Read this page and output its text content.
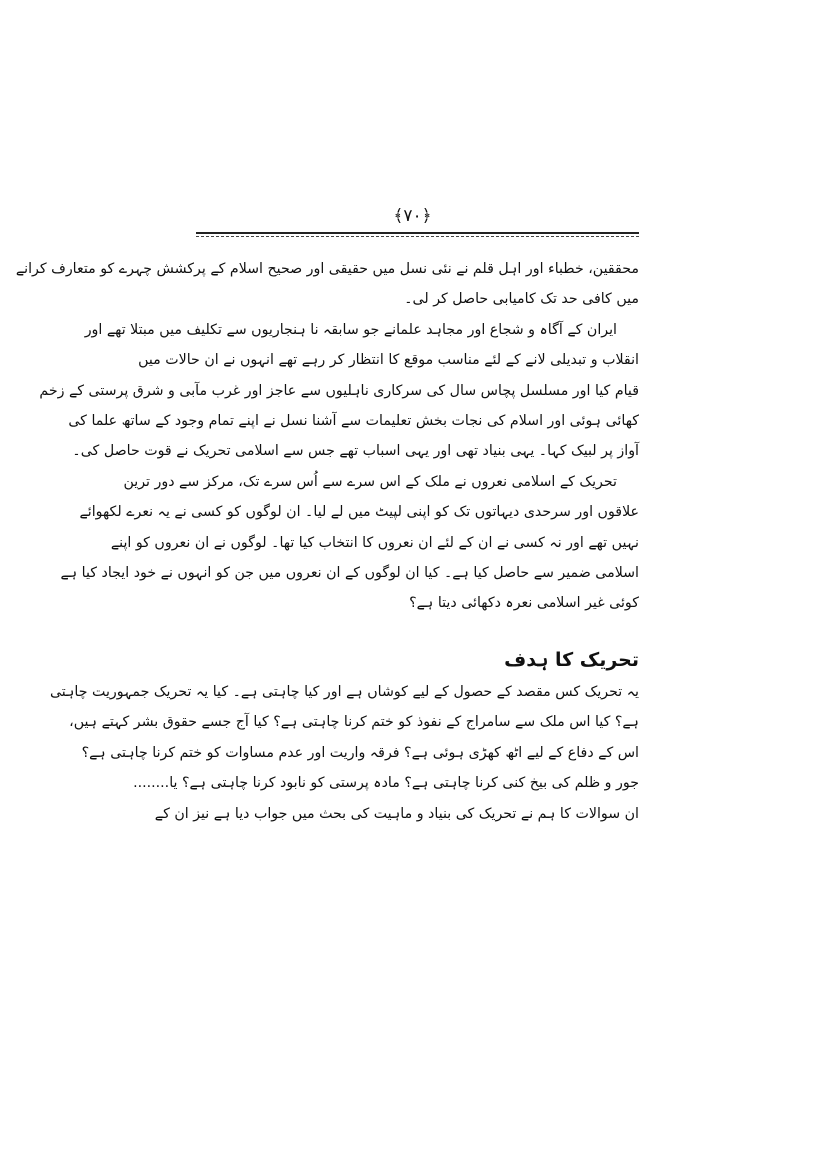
﴿۷۰﴾

محققین، خطباء اور اہل قلم نے نئی نسل میں حقیقی اور صحیح اسلام کے پرکشش چہرے کو متعارف کرانے
میں کافی حد تک کامیابی حاصل کر لی۔

ایران کے آگاہ و شجاع اور مجاہد علمانے جو سابقہ نا ہنجاریوں سے تکلیف میں مبتلا تھے اور
انقلاب و تبدیلی لانے کے لئے مناسب موقع کا انتظار کر رہے تھے انہوں نے ان حالات میں
قیام کیا اور مسلسل پچاس سال کی سرکاری ناہلیوں سے عاجز اور غرب مآبی و شرق پرستی کے زخم
کھائی ہوئی اور اسلام کی نجات بخش تعلیمات سے آشنا نسل نے اپنے تمام وجود کے ساتھ علما کی
آواز پر لبیک کہا۔ یہی بنیاد تھی اور یہی اسباب تھے جس سے اسلامی تحریک نے قوت حاصل کی۔

تحریک کے اسلامی نعروں نے ملک کے اس سرے سے اُس سرے تک، مرکز سے دور ترین
علاقوں اور سرحدی دیہاتوں تک کو اپنی لپیٹ میں لے لیا۔ ان لوگوں کو کسی نے یہ نعرے لکھوائے
نہیں تھے اور نہ کسی نے ان کے لئے ان نعروں کا انتخاب کیا تھا۔ لوگوں نے ان نعروں کو اپنے
اسلامی ضمیر سے حاصل کیا ہے۔ کیا ان لوگوں کے ان نعروں میں جن کو انہوں نے خود ایجاد کیا ہے
کوئی غیر اسلامی نعرہ دکھائی دیتا ہے؟

تحریک کا ہدف

یہ تحریک کس مقصد کے حصول کے لیے کوشاں ہے اور کیا چاہتی ہے۔ کیا یہ تحریک جمہوریت چاہتی
ہے؟ کیا اس ملک سے سامراج کے نفوذ کو ختم کرنا چاہتی ہے؟ کیا آج جسے حقوق بشر کہتے ہیں،
اس کے دفاع کے لیے اٹھ کھڑی ہوئی ہے؟ فرقہ واریت اور عدم مساوات کو ختم کرنا چاہتی ہے؟
جور و ظلم کی بیخ کنی کرنا چاہتی ہے؟ مادہ پرستی کو نابود کرنا چاہتی ہے؟ یا........
ان سوالات کا ہم نے تحریک کی بنیاد و ماہیت کی بحث میں جواب دیا ہے نیز ان کے
